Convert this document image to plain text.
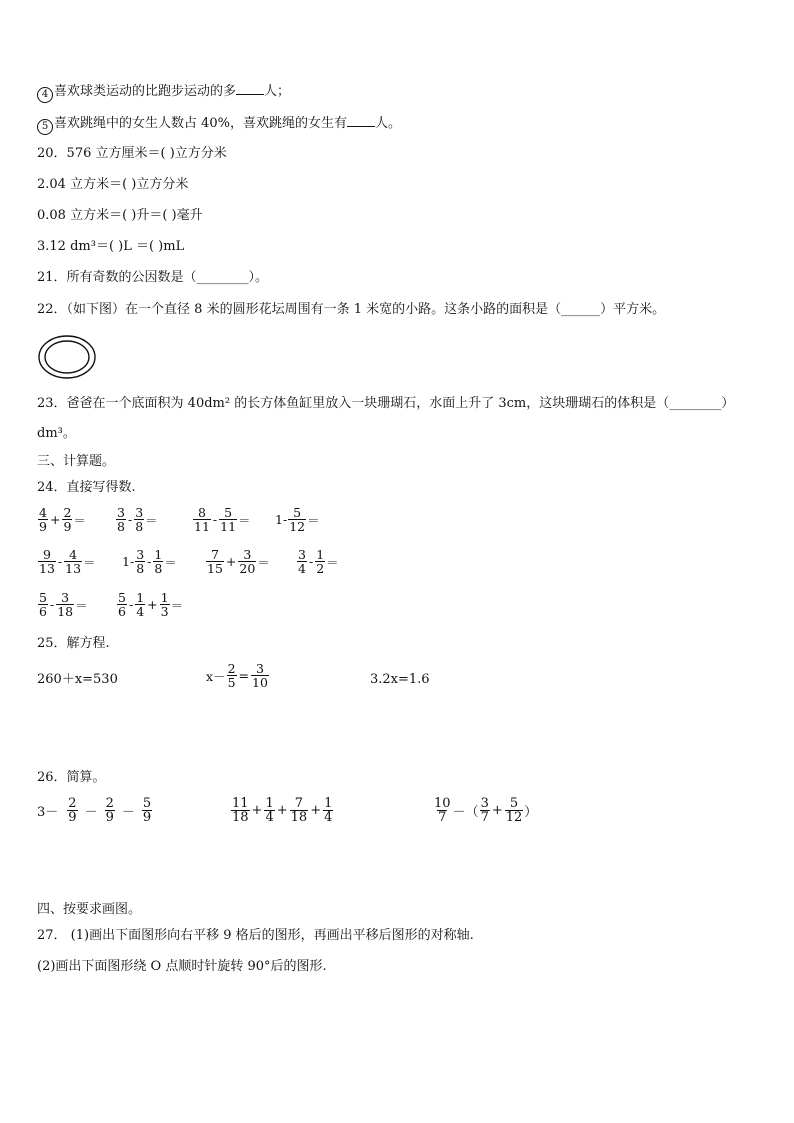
4 喜欢球类运动的比跑步运动的多 人；
5 喜欢跳绳中的女生人数占 40%，喜欢跳绳的女生有 人。
20．576 立方厘米＝( )立方分米
2.04 立方米＝( )立方分米
0.08 立方米＝( )升＝( )毫升
3.12 dm³＝( )L ＝( )mL
21．所有奇数的公因数是（________）。
22．（如下图）在一个直径 8 米的圆形花坛周围有一条 1 米宽的小路。这条小路的面积是（______）平方米。
23．爸爸在一个底面积为 40dm² 的长方体鱼缸里放入一块珊瑚石，水面上升了 3cm，这块珊瑚石的体积是（________）
dm³。
三、计算题。
24．直接写得数.
$\frac{4}{9} + \frac{2}{9} = \frac{3}{8} - \frac{3}{8}$ ＝	$\frac{8}{11} - \frac{5}{11} = 1- \frac{5}{12}$ ＝
$\frac{9}{13} - \frac{4}{13} = 1- \frac{3}{8} - \frac{1}{8} = \frac{7}{15} + \frac{3}{20} = \frac{3}{4} - \frac{1}{2}$ ＝
$\frac{5}{6} - \frac{3}{18} = \frac{5}{6} - \frac{1}{4} + \frac{1}{3}$ ＝
25．解方程.
260＋x=530	$x- \frac{2}{5} = \frac{3}{10}$	3.2x=1.6
26．简算。
$3- \frac{2}{9} - \frac{2}{9} - \frac{5}{9}$	$\frac{11}{18} + \frac{1}{4} + \frac{7}{18} + \frac{1}{4}$	$\frac{10}{7}$ －（ $\frac{3}{7} + \frac{5}{12}$ ）
四、按要求画图。
27． (1)画出下面图形向右平移 9 格后的图形，再画出平移后图形的对称轴.
(2)画出下面图形绕 O 点顺时针旋转 90°后的图形.
